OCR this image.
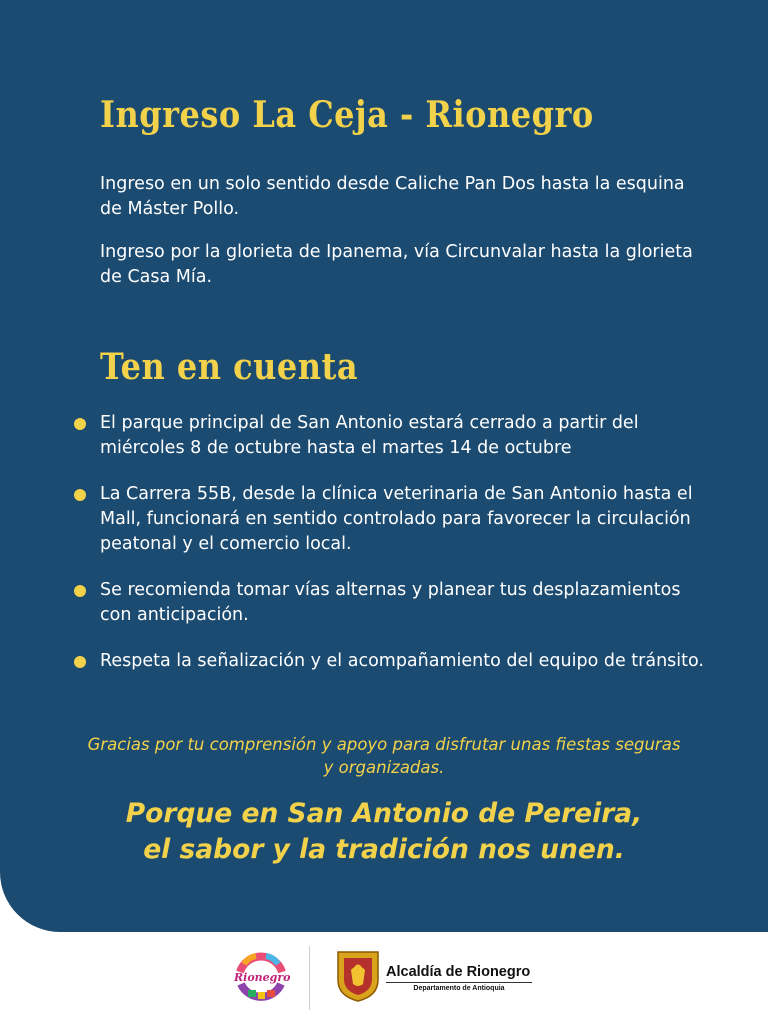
Ingreso La Ceja - Rionegro

Ingreso en un solo sentido desde Caliche Pan Dos hasta la esquina de Máster Pollo.

Ingreso por la glorieta de Ipanema, vía Circunvalar hasta la glorieta de Casa Mía.

Ten en cuenta
El parque principal de San Antonio estará cerrado a partir del miércoles 8 de octubre hasta el martes 14 de octubre
La Carrera 55B, desde la clínica veterinaria de San Antonio hasta el Mall, funcionará en sentido controlado para favorecer la circulación peatonal y el comercio local.
Se recomienda tomar vías alternas y planear tus desplazamientos con anticipación.
Respeta la señalización y el acompañamiento del equipo de tránsito.

Gracias por tu comprensión y apoyo para disfrutar unas fiestas seguras y organizadas.

Porque en San Antonio de Pereira,
el sabor y la tradición nos unen.

Rionegro	Alcaldía de Rionegro
Departamento de Antioquia
